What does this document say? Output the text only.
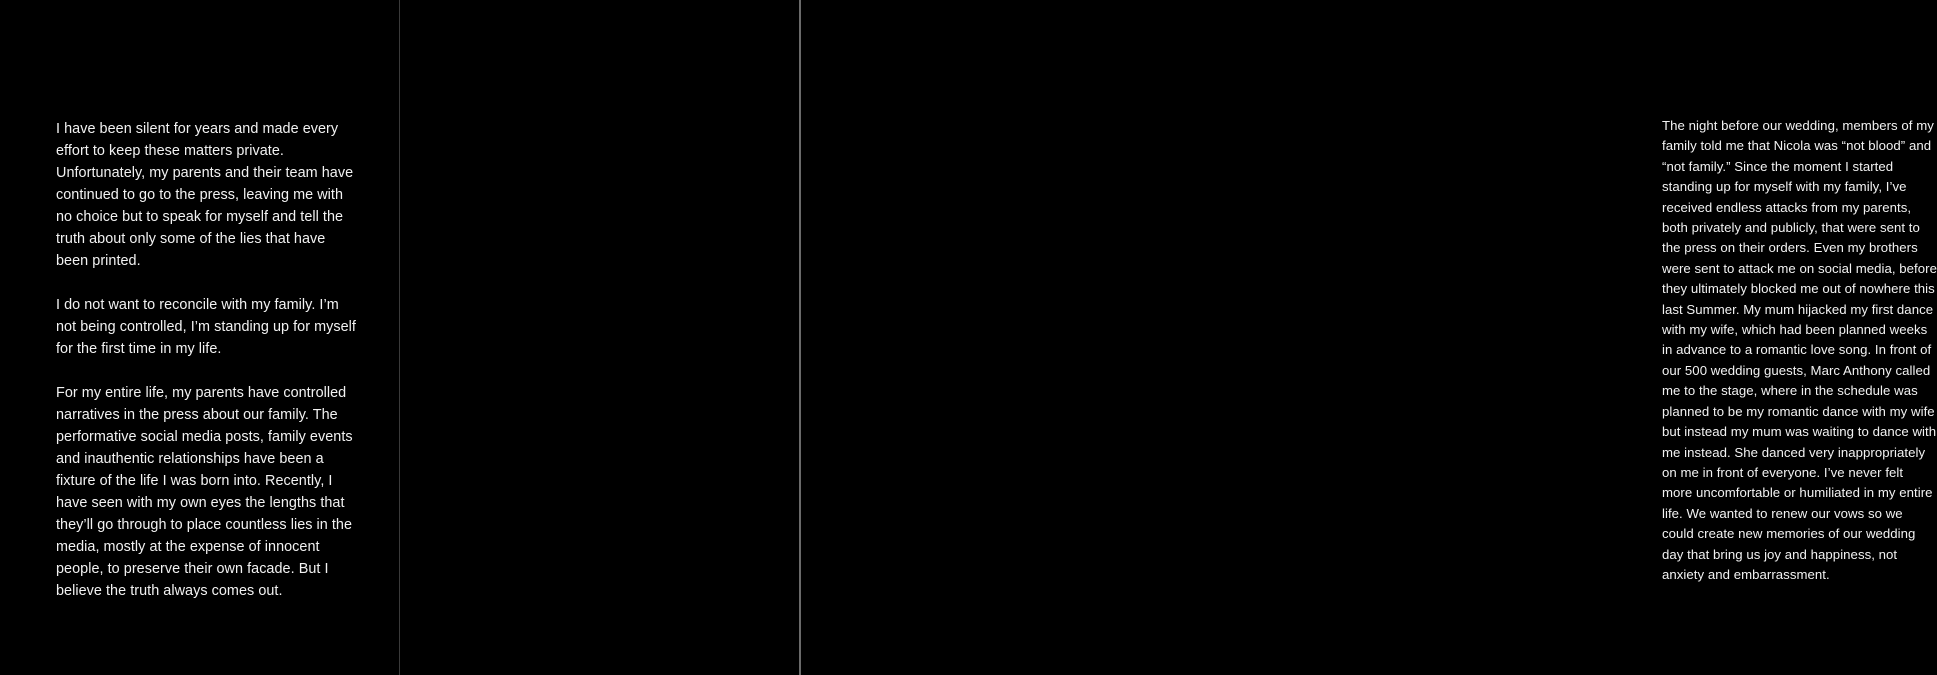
I have been silent for years and made every effort to keep these matters private. Unfortunately, my parents and their team have continued to go to the press, leaving me with no choice but to speak for myself and tell the truth about only some of the lies that have been printed.

I do not want to reconcile with my family. I’m not being controlled, I’m standing up for myself for the first time in my life.

For my entire life, my parents have controlled narratives in the press about our family. The performative social media posts, family events and inauthentic relationships have been a fixture of the life I was born into. Recently, I have seen with my own eyes the lengths that they’ll go through to place countless lies in the media, mostly at the expense of innocent people, to preserve their own facade. But I believe the truth always comes out.

The night before our wedding, members of my family told me that Nicola was “not blood” and “not family.” Since the moment I started standing up for myself with my family, I’ve received endless attacks from my parents, both privately and publicly, that were sent to the press on their orders. Even my brothers were sent to attack me on social media, before they ultimately blocked me out of nowhere this last Summer. My mum hijacked my first dance with my wife, which had been planned weeks in advance to a romantic love song. In front of our 500 wedding guests, Marc Anthony called me to the stage, where in the schedule was planned to be my romantic dance with my wife but instead my mum was waiting to dance with me instead. She danced very inappropriately on me in front of everyone. I’ve never felt more uncomfortable or humiliated in my entire life. We wanted to renew our vows so we could create new memories of our wedding day that bring us joy and happiness, not anxiety and embarrassment.
